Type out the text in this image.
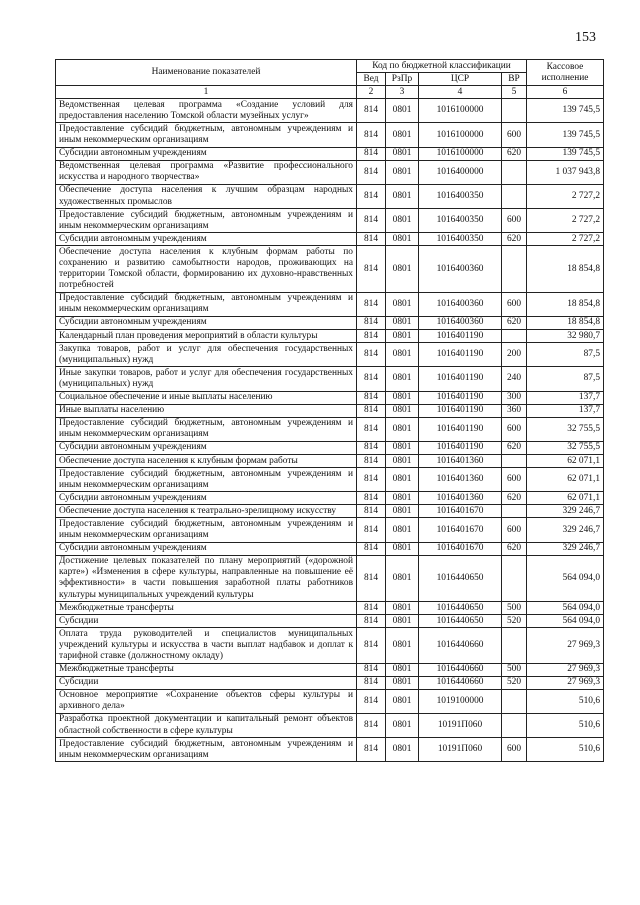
153
Наименование показателей	Код по бюджетной классификации				Кассовое исполнение
	Вед	РзПр	ЦСР	ВР	
1	2	3	4	5	6
Ведомственная целевая программа «Создание условий для предоставления населению Томской области музейных услуг»	814	0801	1016100000		139 745,5
Предоставление субсидий бюджетным, автономным учреждениям и иным некоммерческим организациям	814	0801	1016100000	600	139 745,5
Субсидии автономным учреждениям	814	0801	1016100000	620	139 745,5
Ведомственная целевая программа «Развитие профессионального искусства и народного творчества»	814	0801	1016400000		1 037 943,8
Обеспечение доступа населения к лучшим образцам народных художественных промыслов	814	0801	1016400350		2 727,2
Предоставление субсидий бюджетным, автономным учреждениям и иным некоммерческим организациям	814	0801	1016400350	600	2 727,2
Субсидии автономным учреждениям	814	0801	1016400350	620	2 727,2
Обеспечение доступа населения к клубным формам работы по сохранению и развитию самобытности народов, проживающих на территории Томской области, формированию их духовно-нравственных потребностей	814	0801	1016400360		18 854,8
Предоставление субсидий бюджетным, автономным учреждениям и иным некоммерческим организациям	814	0801	1016400360	600	18 854,8
Субсидии автономным учреждениям	814	0801	1016400360	620	18 854,8
Календарный план проведения мероприятий в области культуры	814	0801	1016401190		32 980,7
Закупка товаров, работ и услуг для обеспечения государственных (муниципальных) нужд	814	0801	1016401190	200	87,5
Иные закупки товаров, работ и услуг для обеспечения государственных (муниципальных) нужд	814	0801	1016401190	240	87,5
Социальное обеспечение и иные выплаты населению	814	0801	1016401190	300	137,7
Иные выплаты населению	814	0801	1016401190	360	137,7
Предоставление субсидий бюджетным, автономным учреждениям и иным некоммерческим организациям	814	0801	1016401190	600	32 755,5
Субсидии автономным учреждениям	814	0801	1016401190	620	32 755,5
Обеспечение доступа населения к клубным формам работы	814	0801	1016401360		62 071,1
Предоставление субсидий бюджетным, автономным учреждениям и иным некоммерческим организациям	814	0801	1016401360	600	62 071,1
Субсидии автономным учреждениям	814	0801	1016401360	620	62 071,1
Обеспечение доступа населения к театрально-зрелищному искусству	814	0801	1016401670		329 246,7
Предоставление субсидий бюджетным, автономным учреждениям и иным некоммерческим организациям	814	0801	1016401670	600	329 246,7
Субсидии автономным учреждениям	814	0801	1016401670	620	329 246,7
Достижение целевых показателей по плану мероприятий («дорожной карте») «Изменения в сфере культуры, направленные на повышение её эффективности» в части повышения заработной платы работников культуры муниципальных учреждений культуры	814	0801	1016440650		564 094,0
Межбюджетные трансферты	814	0801	1016440650	500	564 094,0
Субсидии	814	0801	1016440650	520	564 094,0
Оплата труда руководителей и специалистов муниципальных учреждений культуры и искусства в части выплат надбавок и доплат к тарифной ставке (должностному окладу)	814	0801	1016440660		27 969,3
Межбюджетные трансферты	814	0801	1016440660	500	27 969,3
Субсидии	814	0801	1016440660	520	27 969,3
Основное мероприятие «Сохранение объектов сферы культуры и архивного дела»	814	0801	1019100000		510,6
Разработка проектной документации и капитальный ремонт объектов областной собственности в сфере культуры	814	0801	10191П060		510,6
Предоставление субсидий бюджетным, автономным учреждениям и иным некоммерческим организациям	814	0801	10191П060	600	510,6
